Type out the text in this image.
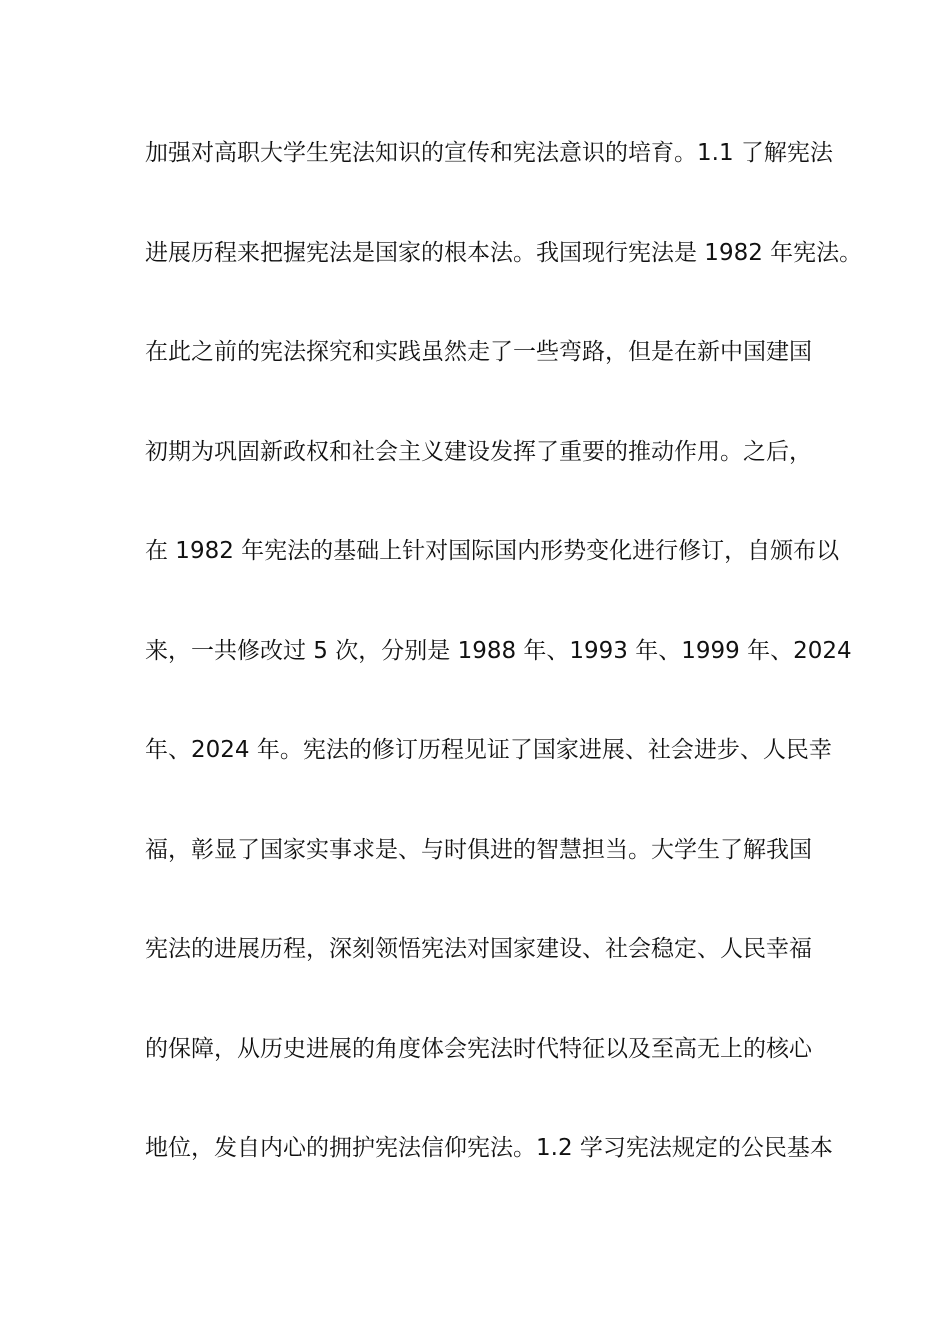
加强对高职大学生宪法知识的宣传和宪法意识的培育。1.1 了解宪法
进展历程来把握宪法是国家的根本法。我国现行宪法是 1982 年宪法。
在此之前的宪法探究和实践虽然走了一些弯路，但是在新中国建国
初期为巩固新政权和社会主义建设发挥了重要的推动作用。之后，
在 1982 年宪法的基础上针对国际国内形势变化进行修订，自颁布以
来，一共修改过 5 次，分别是 1988 年、1993 年、1999 年、2024
年、2024 年。宪法的修订历程见证了国家进展、社会进步、人民幸
福，彰显了国家实事求是、与时俱进的智慧担当。大学生了解我国
宪法的进展历程，深刻领悟宪法对国家建设、社会稳定、人民幸福
的保障，从历史进展的角度体会宪法时代特征以及至高无上的核心
地位，发自内心的拥护宪法信仰宪法。1.2 学习宪法规定的公民基本
